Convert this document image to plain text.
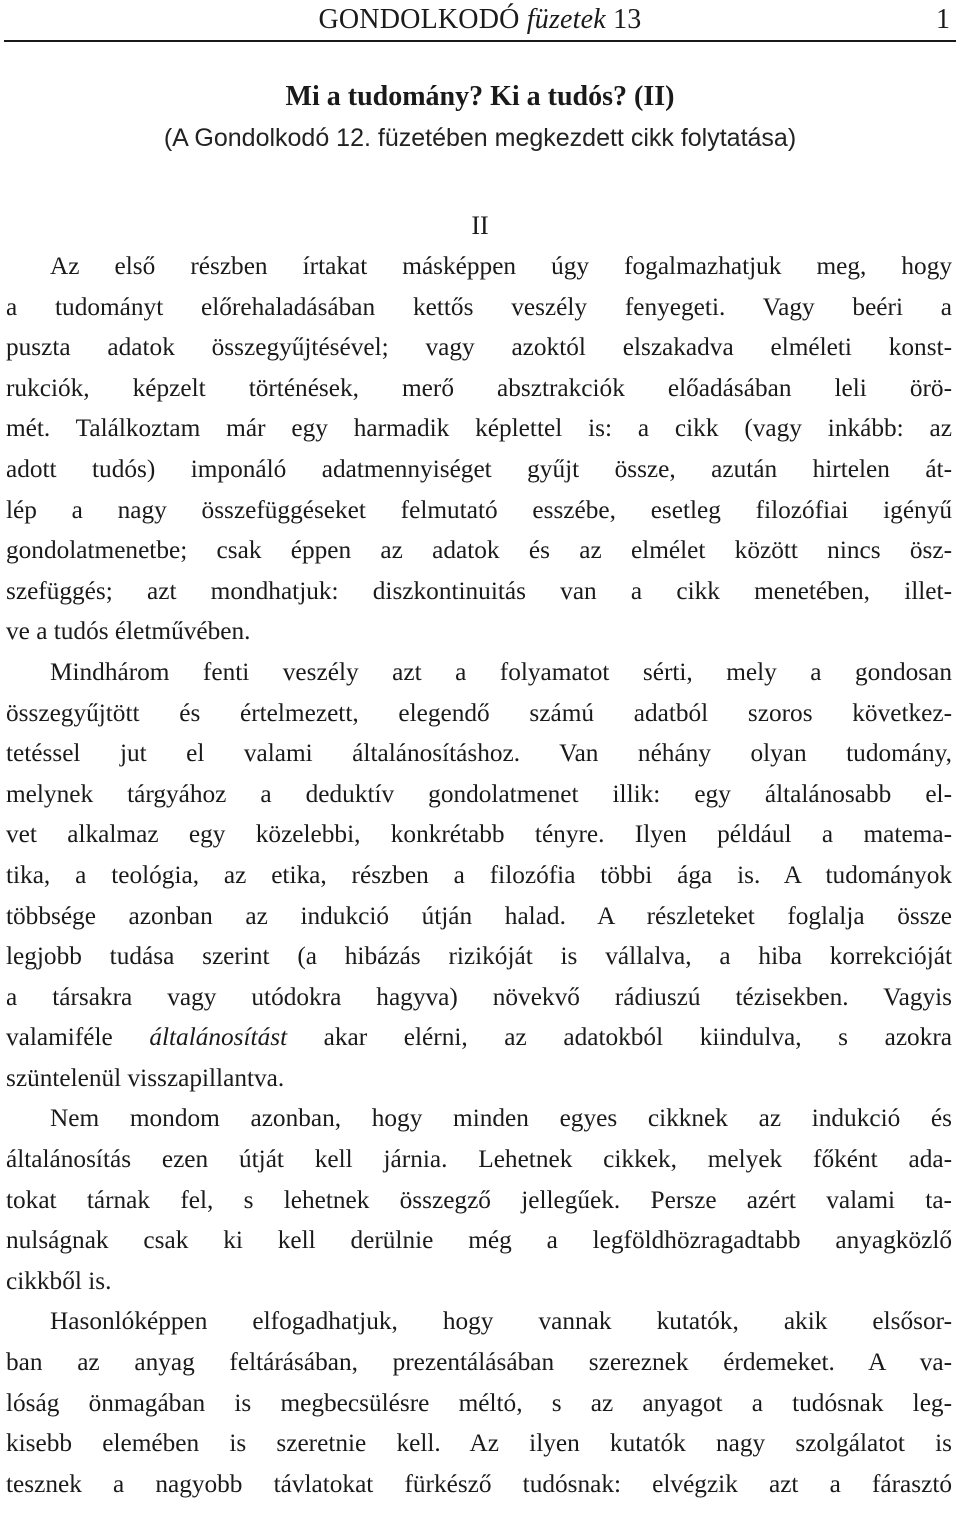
GONDOLKODÓ füzetek 13	1
Mi a tudomány? Ki a tudós? (II)
(A Gondolkodó 12. füzetében megkezdett cikk folytatása)
II
Az első részben írtakat másképpen úgy fogalmazhatjuk meg, hogy
a tudományt előrehaladásában kettős veszély fenyegeti. Vagy beéri a
puszta adatok összegyűjtésével; vagy azoktól elszakadva elméleti konst-
rukciók, képzelt történések, merő absztrakciók előadásában leli örö-
mét. Találkoztam már egy harmadik képlettel is: a cikk (vagy inkább: az
adott tudós) imponáló adatmennyiséget gyűjt össze, azután hirtelen át-
lép a nagy összefüggéseket felmutató esszébe, esetleg filozófiai igényű
gondolatmenetbe; csak éppen az adatok és az elmélet között nincs ösz-
szefüggés; azt mondhatjuk: diszkontinuitás van a cikk menetében, illet-
ve a tudós életművében.
Mindhárom fenti veszély azt a folyamatot sérti, mely a gondosan
összegyűjtött és értelmezett, elegendő számú adatból szoros következ-
tetéssel jut el valami általánosításhoz. Van néhány olyan tudomány,
melynek tárgyához a deduktív gondolatmenet illik: egy általánosabb el-
vet alkalmaz egy közelebbi, konkrétabb tényre. Ilyen például a matema-
tika, a teológia, az etika, részben a filozófia többi ága is. A tudományok
többsége azonban az indukció útján halad. A részleteket foglalja össze
legjobb tudása szerint (a hibázás rizikóját is vállalva, a hiba korrekcióját
a társakra vagy utódokra hagyva) növekvő rádiuszú tézisekben. Vagyis
valamiféle általánosítást akar elérni, az adatokból kiindulva, s azokra
szüntelenül visszapillantva.
Nem mondom azonban, hogy minden egyes cikknek az indukció és
általánosítás ezen útját kell járnia. Lehetnek cikkek, melyek főként ada-
tokat tárnak fel, s lehetnek összegző jellegűek. Persze azért valami ta-
nulságnak csak ki kell derülnie még a legföldhözragadtabb anyagközlő
cikkből is.
Hasonlóképpen elfogadhatjuk, hogy vannak kutatók, akik elsősor-
ban az anyag feltárásában, prezentálásában szereznek érdemeket. A va-
lóság önmagában is megbecsülésre méltó, s az anyagot a tudósnak leg-
kisebb elemében is szeretnie kell. Az ilyen kutatók nagy szolgálatot is
tesznek a nagyobb távlatokat fürkésző tudósnak: elvégzik azt a fárasztó
